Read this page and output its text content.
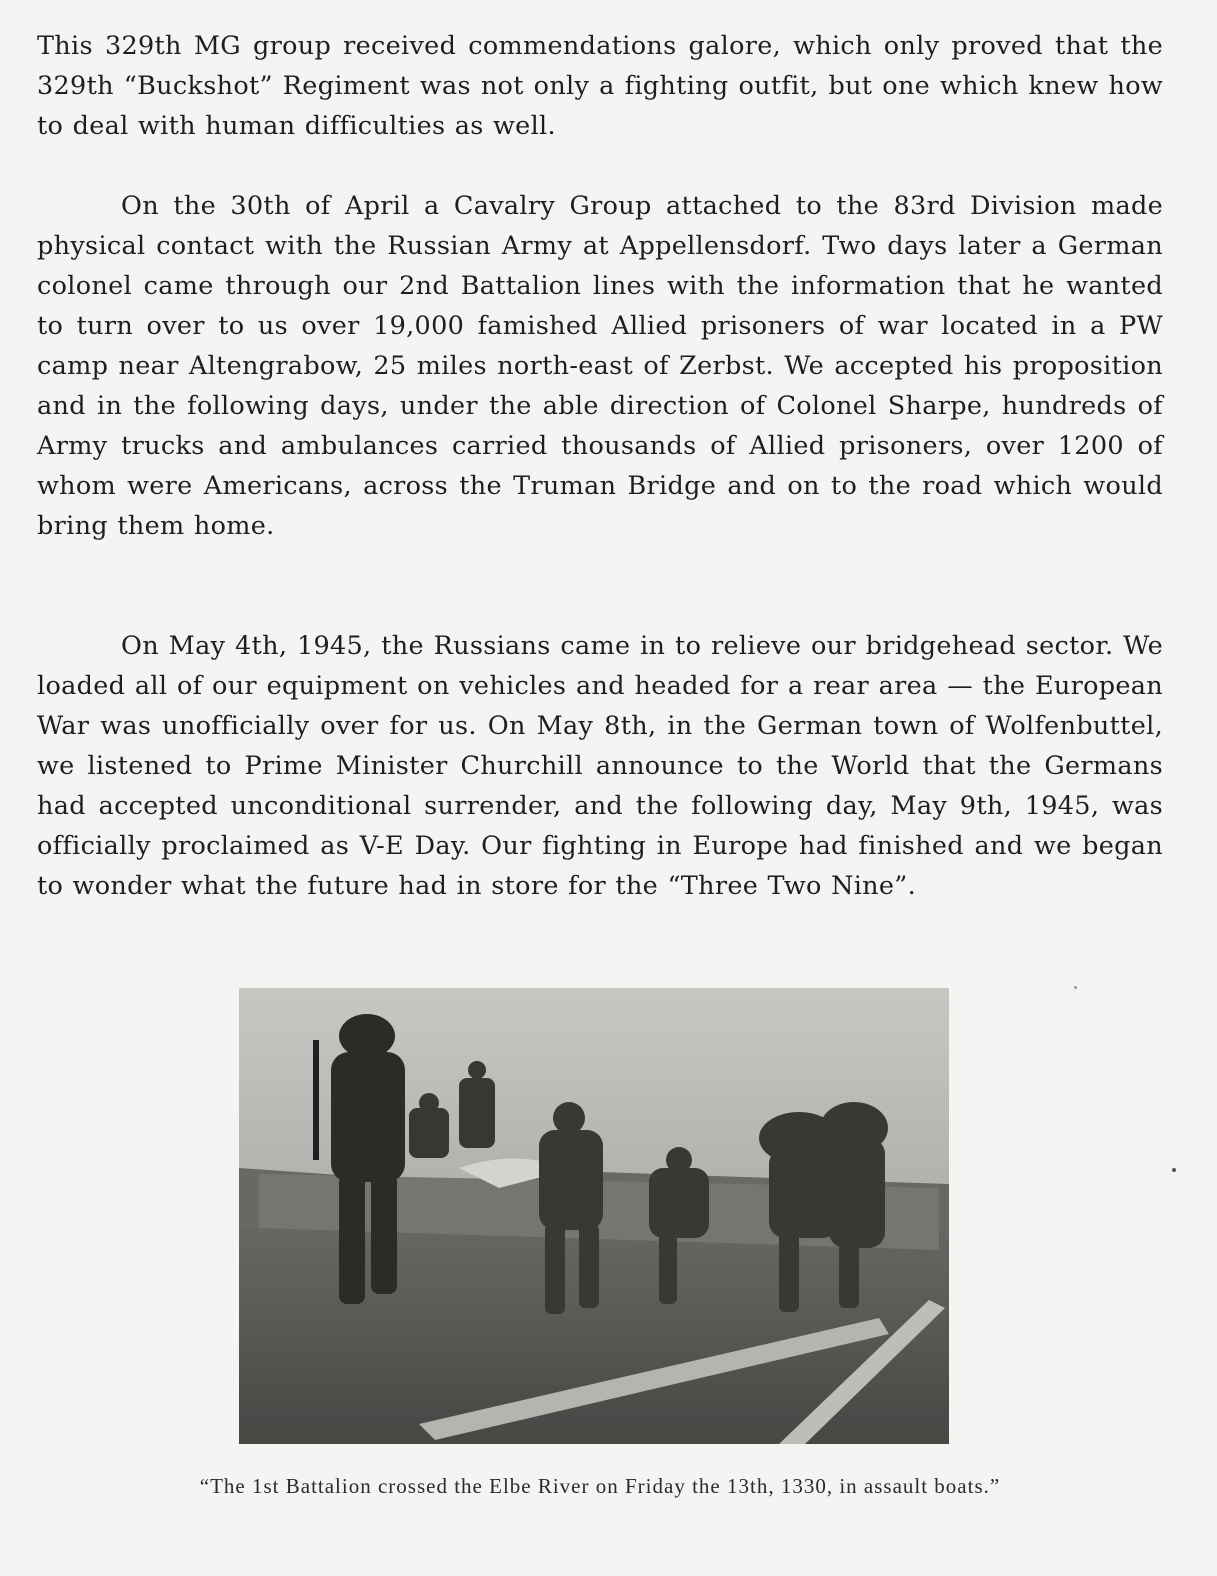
This 329th MG group received commendations galore, which only proved that the 329th “Buckshot” Regiment was not only a fighting outfit, but one which knew how to deal with human difficulties as well.

On the 30th of April a Cavalry Group attached to the 83rd Division made physical contact with the Russian Army at Appellensdorf. Two days later a German colonel came through our 2nd Battalion lines with the information that he wanted to turn over to us over 19,000 famished Allied prisoners of war located in a PW camp near Altengrabow, 25 miles north-east of Zerbst. We accepted his proposition and in the following days, under the able direction of Colonel Sharpe, hundreds of Army trucks and ambulances carried thousands of Allied prisoners, over 1200 of whom were Americans, across the Truman Bridge and on to the road which would bring them home.

On May 4th, 1945, the Russians came in to relieve our bridgehead sector. We loaded all of our equipment on vehicles and headed for a rear area — the European War was unofficially over for us. On May 8th, in the German town of Wolfenbuttel, we listened to Prime Minister Churchill announce to the World that the Germans had accepted unconditional surrender, and the following day, May 9th, 1945, was officially proclaimed as V-E Day. Our fighting in Europe had finished and we began to wonder what the future had in store for the “Three Two Nine”.

“The 1st Battalion crossed the Elbe River on Friday the 13th, 1330, in assault boats.”
